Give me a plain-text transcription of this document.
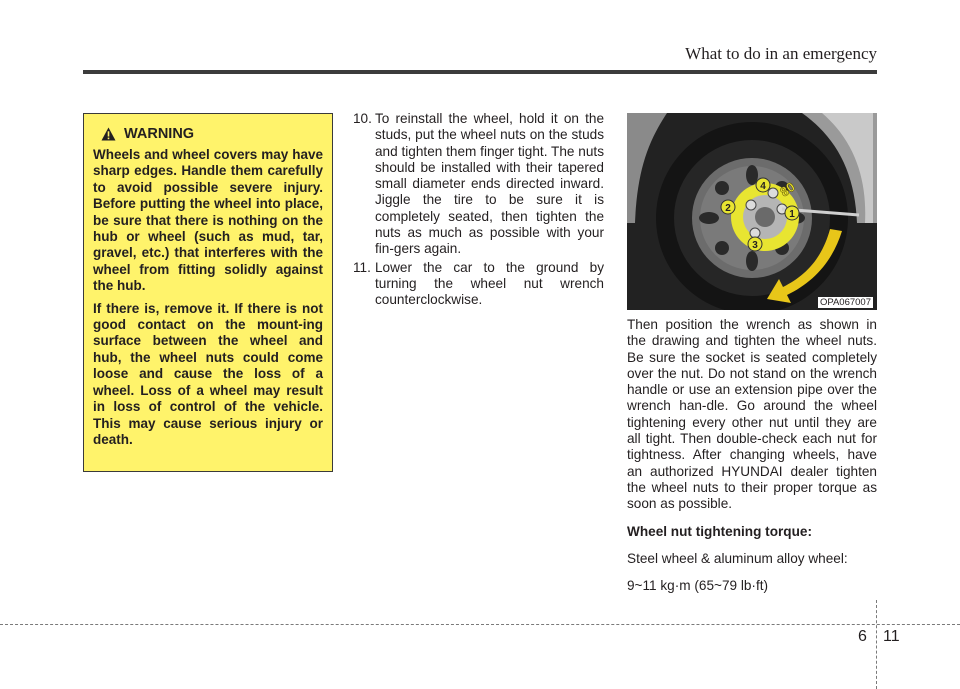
What to do in an emergency
WARNING

Wheels and wheel covers may have sharp edges. Handle them carefully to avoid possible severe injury. Before putting the wheel into place, be sure that there is nothing on the hub or wheel (such as mud, tar, gravel, etc.) that interferes with the wheel from fitting solidly against the hub.

If there is, remove it. If there is not good contact on the mount-ing surface between the wheel and hub, the wheel nuts could come loose and cause the loss of a wheel. Loss of a wheel may result in loss of control of the vehicle. This may cause serious injury or death.

10. To reinstall the wheel, hold it on the studs, put the wheel nuts on the studs and tighten them finger tight. The nuts should be installed with their tapered small diameter ends directed inward. Jiggle the tire to be sure it is completely seated, then tighten the nuts as much as possible with your fin-gers again.
11. Lower the car to the ground by turning the wheel nut wrench counterclockwise.
1
2
3
4 80
OPA067007

Then position the wrench as shown in the drawing and tighten the wheel nuts. Be sure the socket is seated completely over the nut. Do not stand on the wrench handle or use an extension pipe over the wrench han-dle. Go around the wheel tightening every other nut until they are all tight. Then double-check each nut for tightness. After changing wheels, have an authorized HYUNDAI dealer tighten the wheel nuts to their proper torque as soon as possible.

Wheel nut tightening torque:

Steel wheel & aluminum alloy wheel:

9~11 kg·m (65~79 lb·ft)

6 11
